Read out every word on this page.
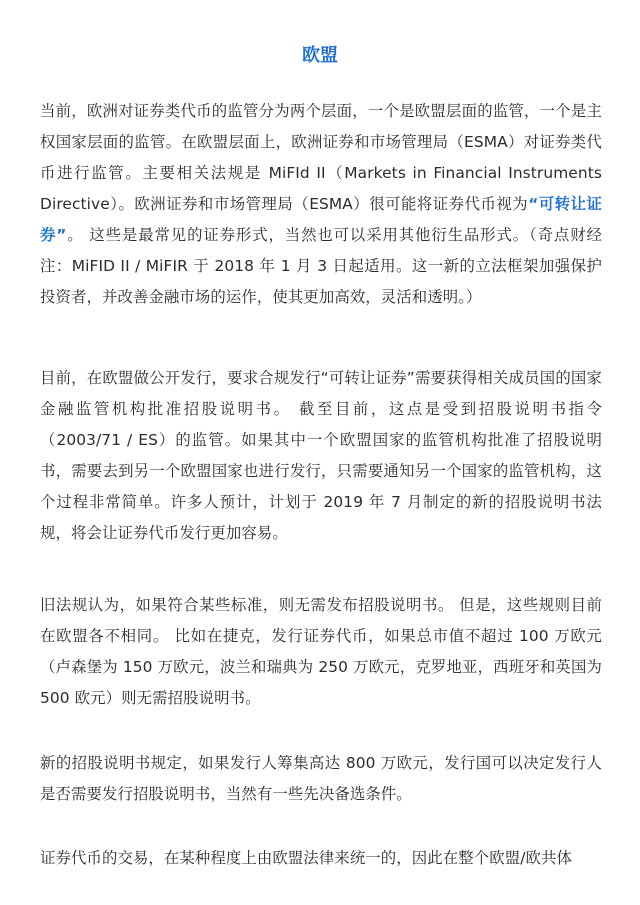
欧盟

当前，欧洲对证券类代币的监管分为两个层面，一个是欧盟层面的监管，一个是主权国家层面的监管。在欧盟层面上，欧洲证券和市场管理局（ESMA）对证券类代币进行监管。主要相关法规是 MiFId II（Markets in Financial Instruments Directive）。欧洲证券和市场管理局（ESMA）很可能将证券代币视为“可转让证券”。 这些是最常见的证券形式，当然也可以采用其他衍生品形式。（奇点财经注：MiFID II / MiFIR 于 2018 年 1 月 3 日起适用。这一新的立法框架加强保护投资者，并改善金融市场的运作，使其更加高效，灵活和透明。）

目前，在欧盟做公开发行，要求合规发行“可转让证券”需要获得相关成员国的国家金融监管机构批准招股说明书。 截至目前，这点是受到招股说明书指令（2003/71 / ES）的监管。如果其中一个欧盟国家的监管机构批准了招股说明书，需要去到另一个欧盟国家也进行发行，只需要通知另一个国家的监管机构，这个过程非常简单。许多人预计，计划于 2019 年 7 月制定的新的招股说明书法规，将会让证券代币发行更加容易。

旧法规认为，如果符合某些标准，则无需发布招股说明书。 但是，这些规则目前在欧盟各不相同。 比如在捷克，发行证券代币，如果总市值不超过 100 万欧元（卢森堡为 150 万欧元，波兰和瑞典为 250 万欧元，克罗地亚，西班牙和英国为 500 欧元）则无需招股说明书。

新的招股说明书规定，如果发行人筹集高达 800 万欧元，发行国可以决定发行人是否需要发行招股说明书，当然有一些先决备选条件。

证券代币的交易，在某种程度上由欧盟法律来统一的，因此在整个欧盟/欧共体
